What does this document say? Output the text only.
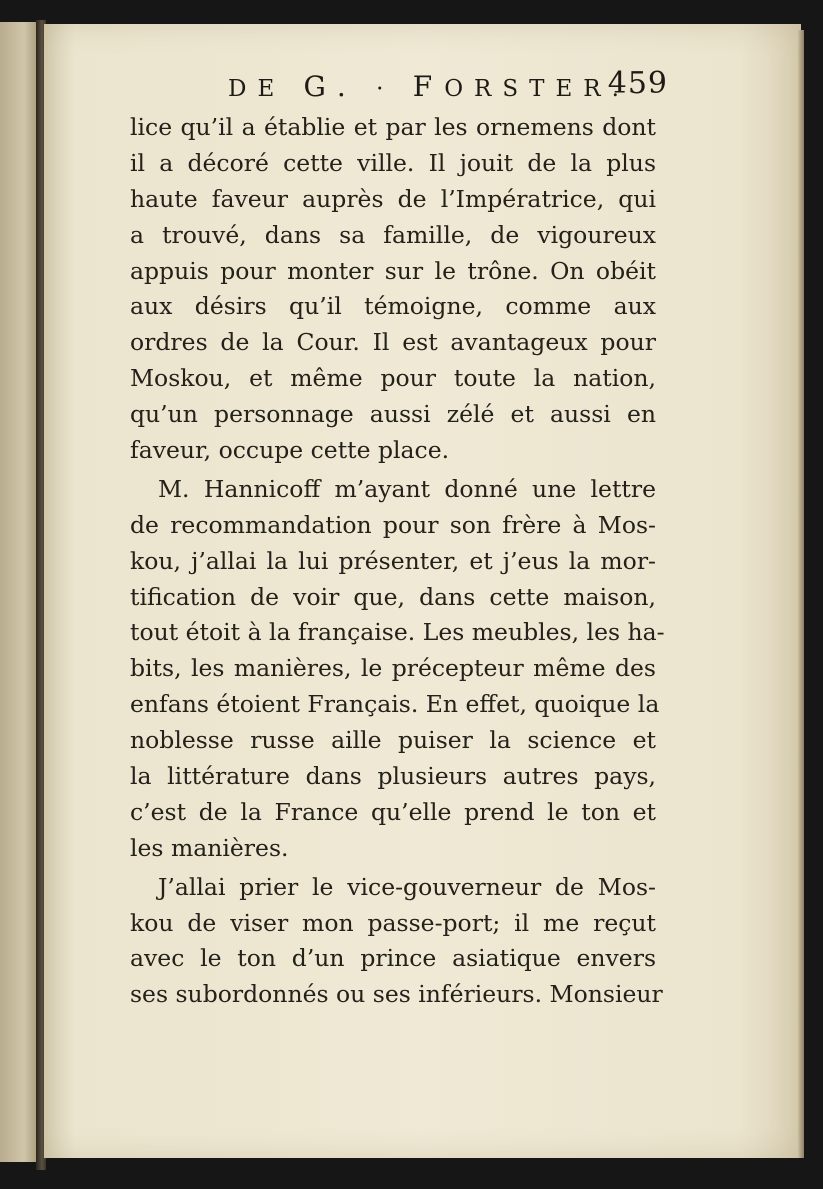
DE G. · FORSTER.
459
lice qu’il a établie et par les ornemens dont
il a décoré cette ville. Il jouit de la plus
haute faveur auprès de l’Impératrice, qui
a trouvé, dans sa famille, de vigoureux
appuis pour monter sur le trône. On obéit
aux désirs qu’il témoigne, comme aux
ordres de la Cour. Il est avantageux pour
Moskou, et même pour toute la nation,
qu’un personnage aussi zélé et aussi en
faveur, occupe cette place.
M. Hannicoff m’ayant donné une lettre
de recommandation pour son frère à Mos-
kou, j’allai la lui présenter, et j’eus la mor-
tification de voir que, dans cette maison,
tout étoit à la française. Les meubles, les ha-
bits, les manières, le précepteur même des
enfans étoient Français. En effet, quoique la
noblesse russe aille puiser la science et
la littérature dans plusieurs autres pays,
c’est de la France qu’elle prend le ton et
les manières.
J’allai prier le vice-gouverneur de Mos-
kou de viser mon passe-port; il me reçut
avec le ton d’un prince asiatique envers
ses subordonnés ou ses inférieurs. Monsieur
